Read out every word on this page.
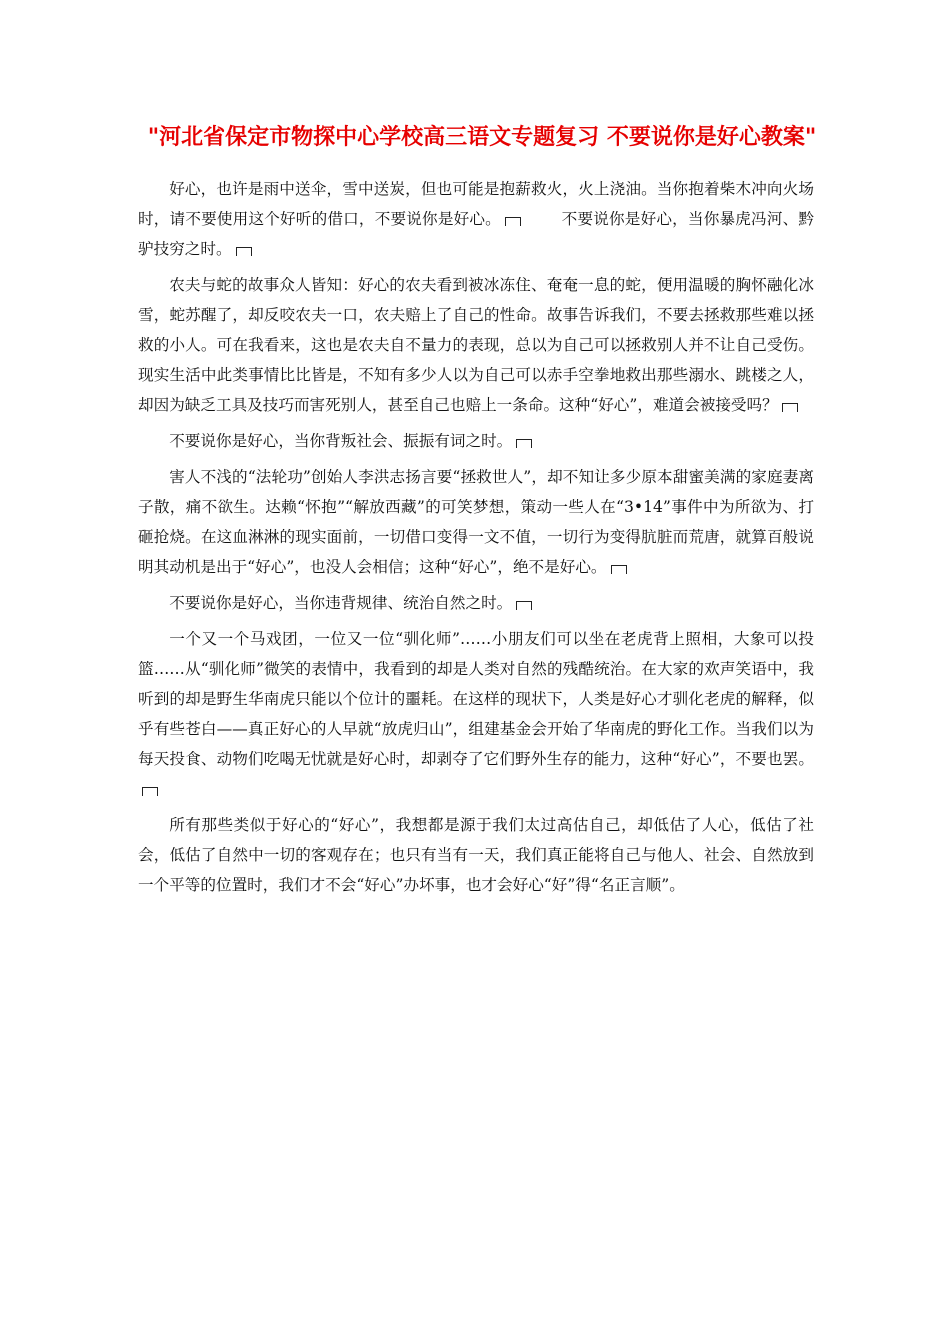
"河北省保定市物探中心学校高三语文专题复习 不要说你是好心教案"

好心，也许是雨中送伞，雪中送炭，但也可能是抱薪救火，火上浇油。当你抱着柴木冲向火场时，请不要使用这个好听的借口，不要说你是好心。	不要说你是好心，当你暴虎冯河、黔驴技穷之时。

农夫与蛇的故事众人皆知：好心的农夫看到被冰冻住、奄奄一息的蛇，便用温暖的胸怀融化冰雪，蛇苏醒了，却反咬农夫一口，农夫赔上了自己的性命。故事告诉我们，不要去拯救那些难以拯救的小人。可在我看来，这也是农夫自不量力的表现，总以为自己可以拯救别人并不让自己受伤。现实生活中此类事情比比皆是，不知有多少人以为自己可以赤手空拳地救出那些溺水、跳楼之人，却因为缺乏工具及技巧而害死别人，甚至自己也赔上一条命。这种“好心”，难道会被接受吗？

不要说你是好心，当你背叛社会、振振有词之时。

害人不浅的“法轮功”创始人李洪志扬言要“拯救世人”，却不知让多少原本甜蜜美满的家庭妻离子散，痛不欲生。达赖“怀抱”“解放西藏”的可笑梦想，策动一些人在“3•14”事件中为所欲为、打砸抢烧。在这血淋淋的现实面前，一切借口变得一文不值，一切行为变得肮脏而荒唐，就算百般说明其动机是出于“好心”，也没人会相信；这种“好心”，绝不是好心。

不要说你是好心，当你违背规律、统治自然之时。

一个又一个马戏团，一位又一位“驯化师”……小朋友们可以坐在老虎背上照相，大象可以投篮……从“驯化师”微笑的表情中，我看到的却是人类对自然的残酷统治。在大家的欢声笑语中，我听到的却是野生华南虎只能以个位计的噩耗。在这样的现状下，人类是好心才驯化老虎的解释，似乎有些苍白——真正好心的人早就“放虎归山”，组建基金会开始了华南虎的野化工作。当我们以为每天投食、动物们吃喝无忧就是好心时，却剥夺了它们野外生存的能力，这种“好心”，不要也罢。

所有那些类似于好心的“好心”，我想都是源于我们太过高估自己，却低估了人心，低估了社会，低估了自然中一切的客观存在；也只有当有一天，我们真正能将自己与他人、社会、自然放到一个平等的位置时，我们才不会“好心”办坏事，也才会好心“好”得“名正言顺”。
